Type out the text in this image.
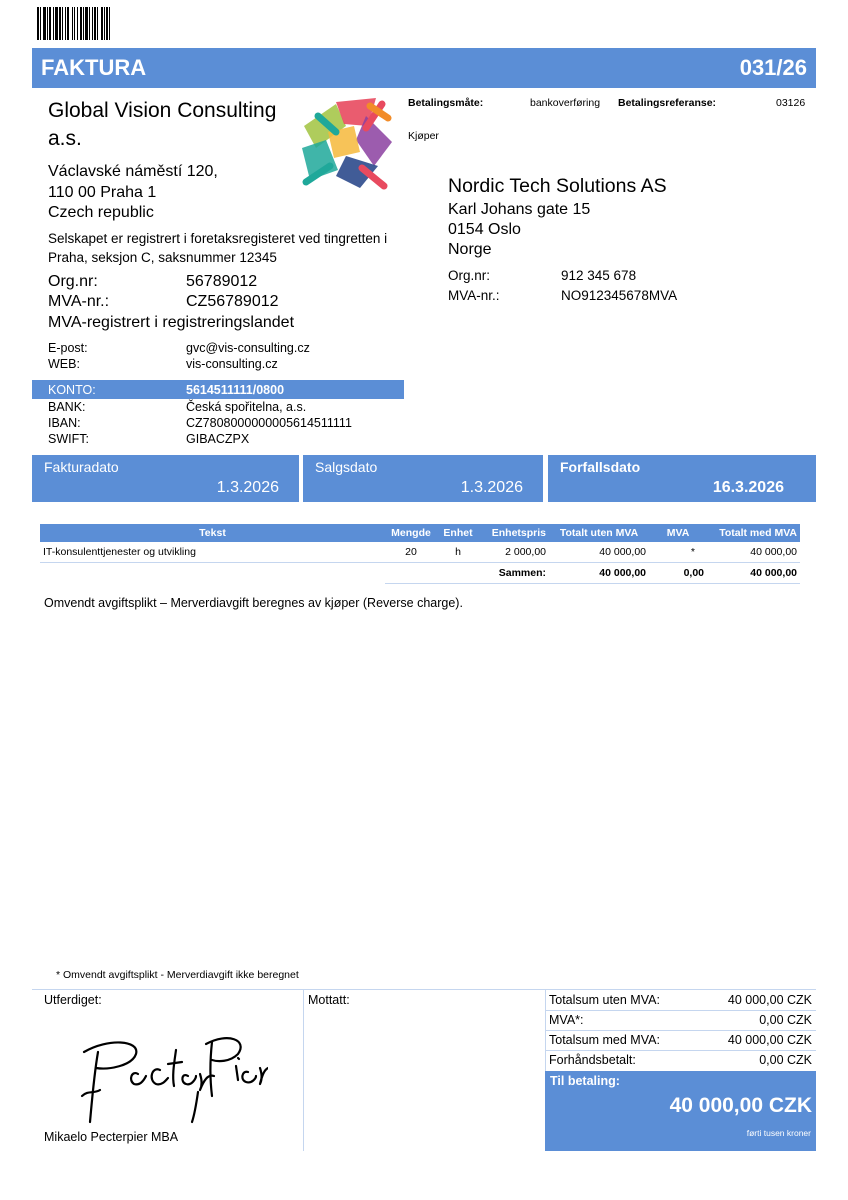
FAKTURA	031/26
Global Vision Consulting a.s.
Václavské náměstí 120,
110 00 Praha 1
Czech republic
Selskapet er registrert i foretaksregisteret ved tingretten i Praha, seksjon C, saksnummer 12345
Org.nr:	56789012
MVA-nr.:	CZ56789012
MVA-registrert i registreringslandet
E-post:	gvc@vis-consulting.cz
WEB:	vis-consulting.cz
KONTO:	5614511111/0800
BANK:	Česká spořitelna, a.s.
IBAN:	CZ7808000000005614511111
SWIFT:	GIBACZPX
Betalingsmåte:	bankoverføring Betalingsreferanse:	03126
Kjøper
Nordic Tech Solutions AS
Karl Johans gate 15
0154 Oslo
Norge
Org.nr:	912 345 678
MVA-nr.:	NO912345678MVA
Fakturadato
1.3.2026
Salgsdato
1.3.2026
Forfallsdato
16.3.2026
Tekst	Mengde	Enhet	Enhetspris	Totalt uten MVA	MVA	Totalt med MVA
IT-konsulenttjenester og utvikling	20	h	2 000,00	40 000,00	*	40 000,00
	Sammen:			40 000,00	0,00	40 000,00
Omvendt avgiftsplikt – Merverdiavgift beregnes av kjøper (Reverse charge).
* Omvendt avgiftsplikt - Merverdiavgift ikke beregnet
Utferdiget:	Mottatt:
Mikaelo Pecterpier MBA
Totalsum uten MVA:	40 000,00 CZK
MVA*:	0,00 CZK
Totalsum med MVA:	40 000,00 CZK
Forhåndsbetalt:	0,00 CZK
Til betaling:
40 000,00 CZK
førti tusen kroner
